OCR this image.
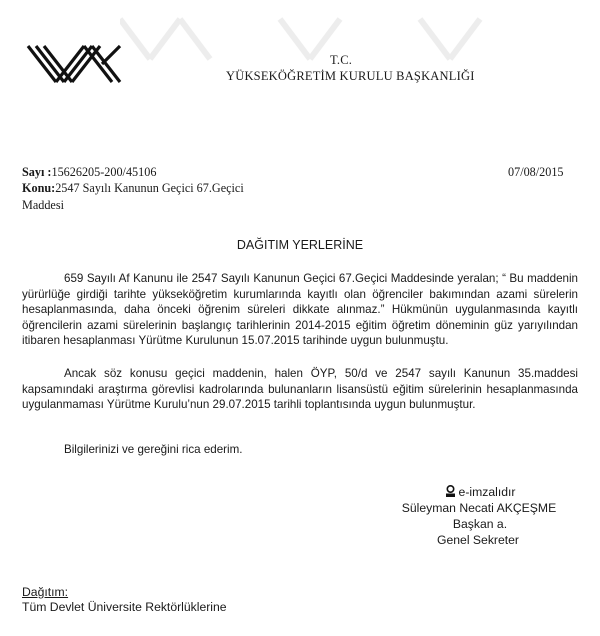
T.C.
YÜKSEKÖĞRETİM KURULU BAŞKANLIĞI
Sayı :15626205-200/45106	07/08/2015
Konu:2547 Sayılı Kanunun Geçici 67.Geçici
Maddesi
DAĞITIM YERLERİNE
659 Sayılı Af Kanunu ile 2547 Sayılı Kanunun Geçici 67.Geçici Maddesinde yeralan; “ Bu maddenin yürürlüğe girdiği tarihte yükseköğretim kurumlarında kayıtlı olan öğrenciler bakımından azami sürelerin hesaplanmasında, daha önceki öğrenim süreleri dikkate alınmaz.” Hükmünün uygulanmasında kayıtlı öğrencilerin azami sürelerinin başlangıç tarihlerinin 2014-2015 eğitim öğretim döneminin güz yarıyılından itibaren hesaplanması Yürütme Kurulunun 15.07.2015 tarihinde uygun bulunmuştu.
Ancak söz konusu geçici maddenin, halen ÖYP, 50/d ve 2547 sayılı Kanunun 35.maddesi kapsamındaki araştırma görevlisi kadrolarında bulunanların lisansüstü eğitim sürelerinin hesaplanmasında uygulanmaması Yürütme Kurulu’nun 29.07.2015 tarihli toplantısında uygun bulunmuştur.
Bilgilerinizi ve gereğini rica ederim.
e-imzalıdır
Süleyman Necati AKÇEŞME
Başkan a.
Genel Sekreter
Dağıtım:
Tüm Devlet Üniversite Rektörlüklerine
